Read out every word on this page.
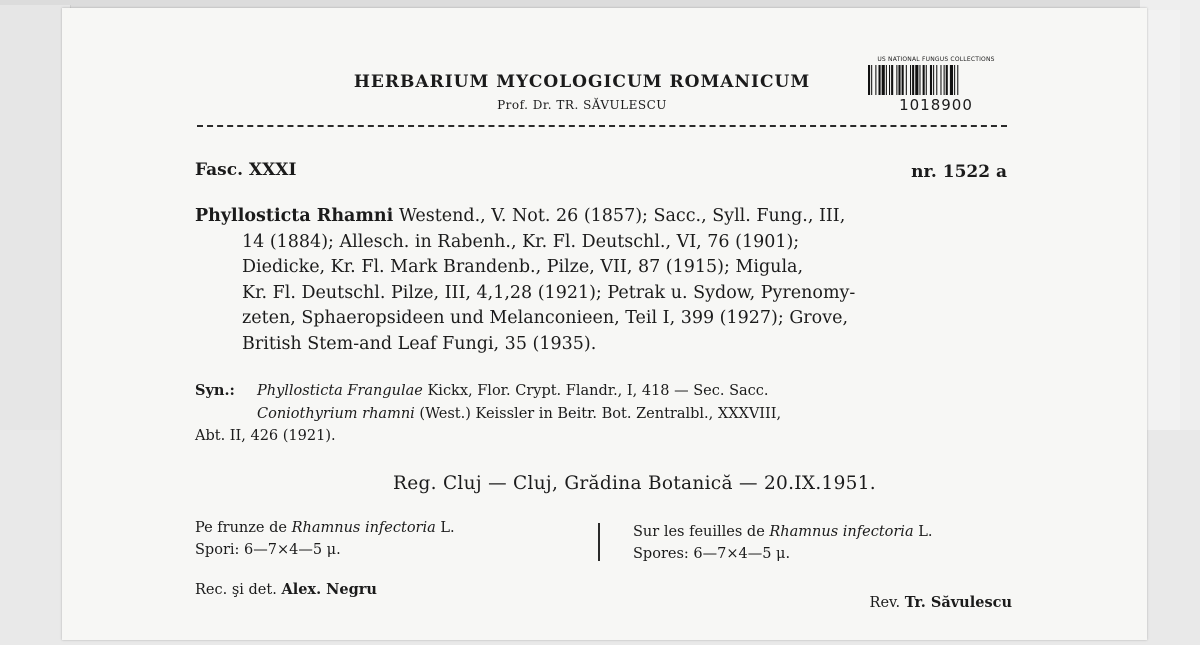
HERBARIUM MYCOLOGICUM ROMANICUM
Prof. Dr. TR. SĂVULESCU
US NATIONAL FUNGUS COLLECTIONS
1018900
Fasc. XXXI	nr. 1522 a
Phyllosticta Rhamni Westend., V. Not. 26 (1857); Sacc., Syll. Fung., III,
14 (1884); Allesch. in Rabenh., Kr. Fl. Deutschl., VI, 76 (1901);
Diedicke, Kr. Fl. Mark Brandenb., Pilze, VII, 87 (1915); Migula,
Kr. Fl. Deutschl. Pilze, III, 4,1,28 (1921); Petrak u. Sydow, Pyrenomy-
zeten, Sphaeropsideen und Melanconieen, Teil I, 399 (1927); Grove,
British Stem-and Leaf Fungi, 35 (1935).
Syn.: Phyllosticta Frangulae Kickx, Flor. Crypt. Flandr., I, 418 — Sec. Sacc.
Coniothyrium rhamni (West.) Keissler in Beitr. Bot. Zentralbl., XXXVIII,
Abt. II, 426 (1921).
Reg. Cluj — Cluj, Grădina Botanică — 20.IX.1951.
Pe frunze de Rhamnus infectoria L.
Spori: 6—7×4—5 μ.
Sur les feuilles de Rhamnus infectoria L.
Spores: 6—7×4—5 μ.
Rec. şi det. Alex. Negru
Rev. Tr. Săvulescu
